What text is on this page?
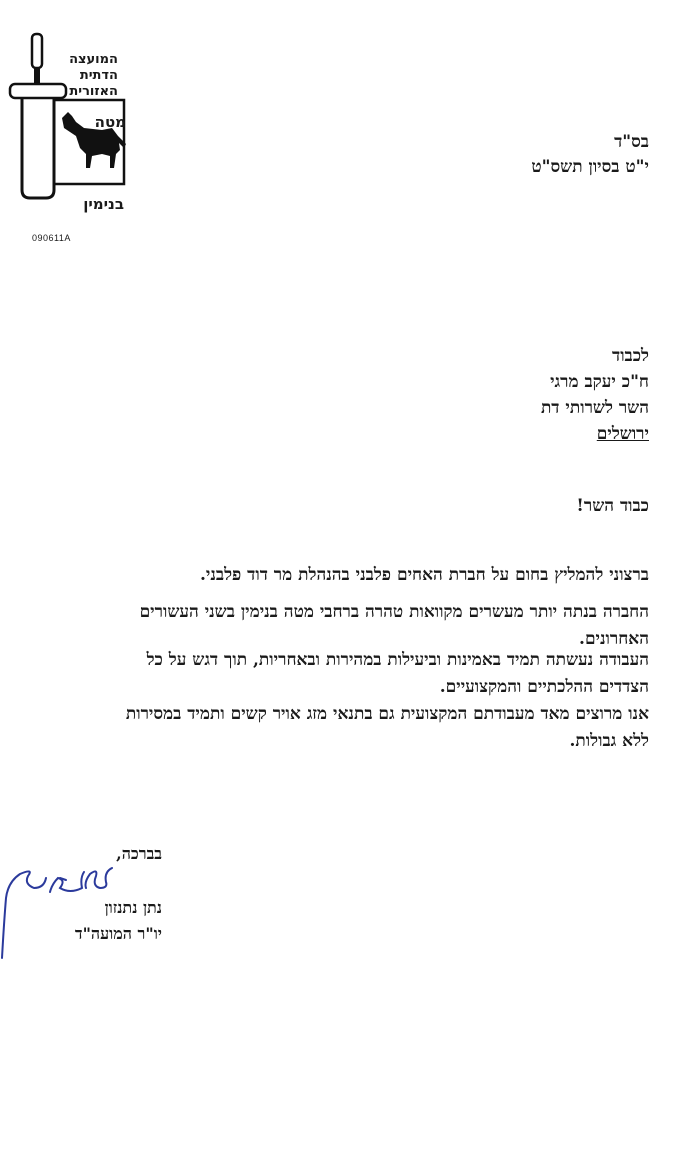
המועצה הדתית האזורית
מטה
בנימין
090611A
בס"ד
י"ט בסיון תשס"ט
לכבוד
ח"כ יעקב מרגי
השר לשרותי דת
ירושלים
כבוד השר!
ברצוני להמליץ בחום על חברת האחים פלבני בהנהלת מר דוד פלבני.
החברה בנתה יותר מעשרים מקוואות טהרה ברחבי מטה בנימין בשני העשורים
האחרונים.
העבודה נעשתה תמיד באמינות וביעילות במהירות ובאחריות, תוך דגש על כל
הצדדים ההלכתיים והמקצועיים.
אנו מרוצים מאד מעבודתם המקצועית גם בתנאי מזג אויר קשים ותמיד במסירות
ללא גבולות.
בברכה,
נתן נתנזון
יו"ר המועה"ד
